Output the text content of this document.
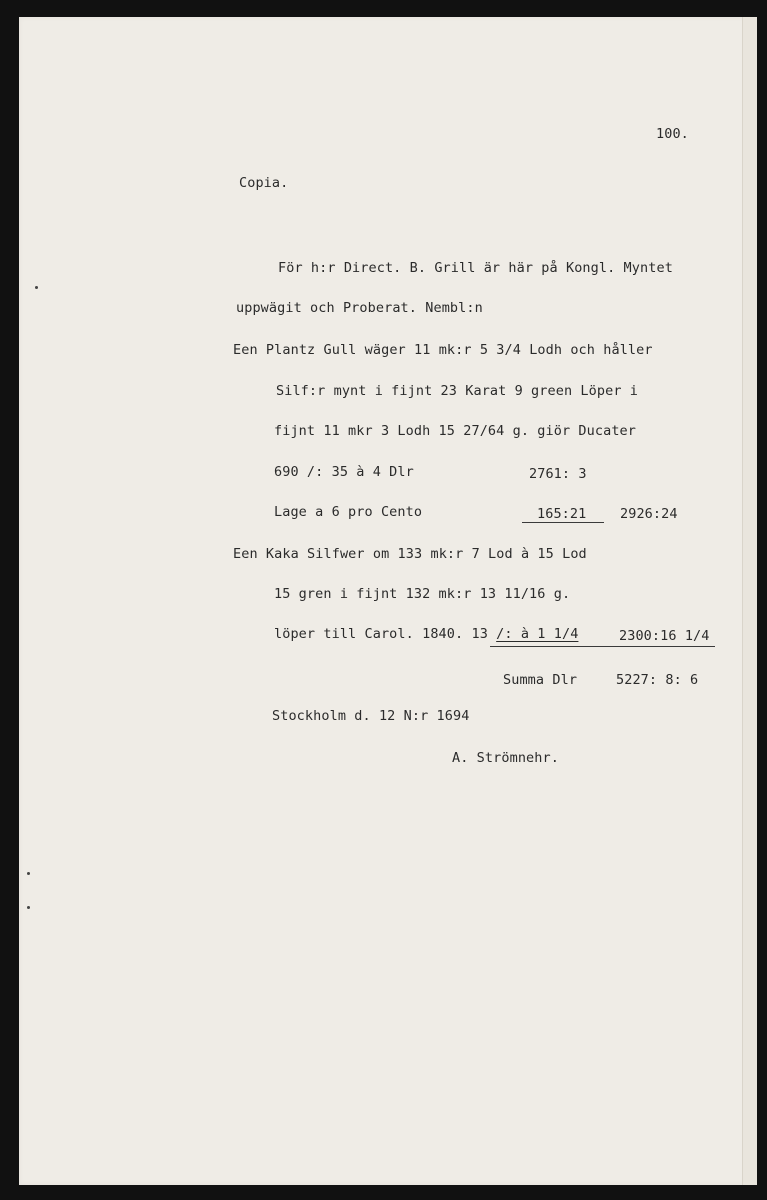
100.

Copia.

För h:r Direct. B. Grill är här på Kongl. Myntet

uppwägit och Proberat. Nembl:n

Een Plantz Gull wäger 11 mk:r 5 3/4 Lodh och håller

Silf:r mynt i fijnt 23 Karat 9 green Löper i

fijnt 11 mkr 3 Lodh 15 27/64 g. giör Ducater

690 /: 35 à 4 Dlr	2761: 3

Lage a 6 pro Cento	165:21 2926:24

Een Kaka Silfwer om 133 mk:r 7 Lod à 15 Lod

15 gren i fijnt 132 mk:r 13 11/16 g.

löper till Carol. 1840. 13 /: à 1 1/4	2300:16 1/4

Summa Dlr	5227: 8: 6

Stockholm d. 12 N:r 1694

A. Strömnehr.
